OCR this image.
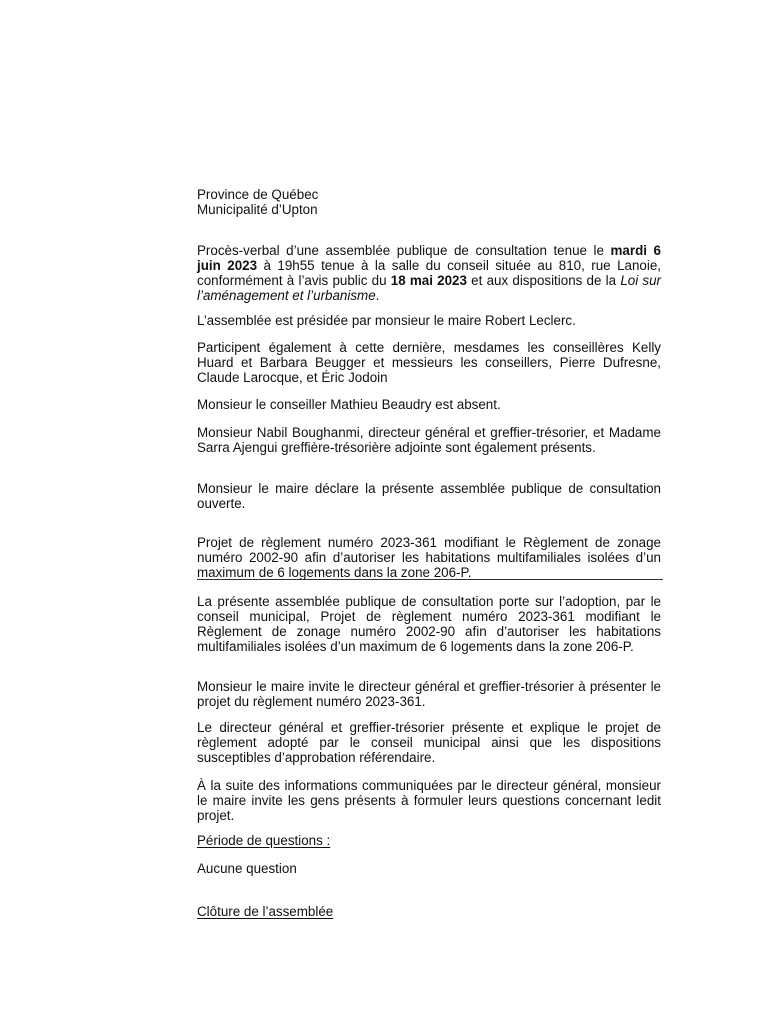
Province de Québec
Municipalité d’Upton
Procès-verbal d’une assemblée publique de consultation tenue le mardi 6 juin 2023 à 19h55 tenue à la salle du conseil située au 810, rue Lanoie, conformément à l’avis public du 18 mai 2023 et aux dispositions de la Loi sur l’aménagement et l’urbanisme.
L’assemblée est présidée par monsieur le maire Robert Leclerc.
Participent également à cette dernière, mesdames les conseillères Kelly Huard et Barbara Beugger et messieurs les conseillers, Pierre Dufresne, Claude Larocque, et Éric Jodoin
Monsieur le conseiller Mathieu Beaudry est absent.
Monsieur Nabil Boughanmi, directeur général et greffier-trésorier, et Madame Sarra Ajengui greffière-trésorière adjointe sont également présents.
Monsieur le maire déclare la présente assemblée publique de consultation ouverte.
Projet de règlement numéro 2023-361 modifiant le Règlement de zonage numéro 2002-90 afin d’autoriser les habitations multifamiliales isolées d’un maximum de 6 logements dans la zone 206-P.
La présente assemblée publique de consultation porte sur l’adoption, par le conseil municipal, Projet de règlement numéro 2023-361 modifiant le Règlement de zonage numéro 2002-90 afin d’autoriser les habitations multifamiliales isolées d’un maximum de 6 logements dans la zone 206-P.
Monsieur le maire invite le directeur général et greffier-trésorier à présenter le projet du règlement numéro 2023-361.
Le directeur général et greffier-trésorier présente et explique le projet de règlement adopté par le conseil municipal ainsi que les dispositions susceptibles d’approbation référendaire.
À la suite des informations communiquées par le directeur général, monsieur le maire invite les gens présents à formuler leurs questions concernant ledit projet.
Période de questions :
Aucune question
Clôture de l’assemblée
